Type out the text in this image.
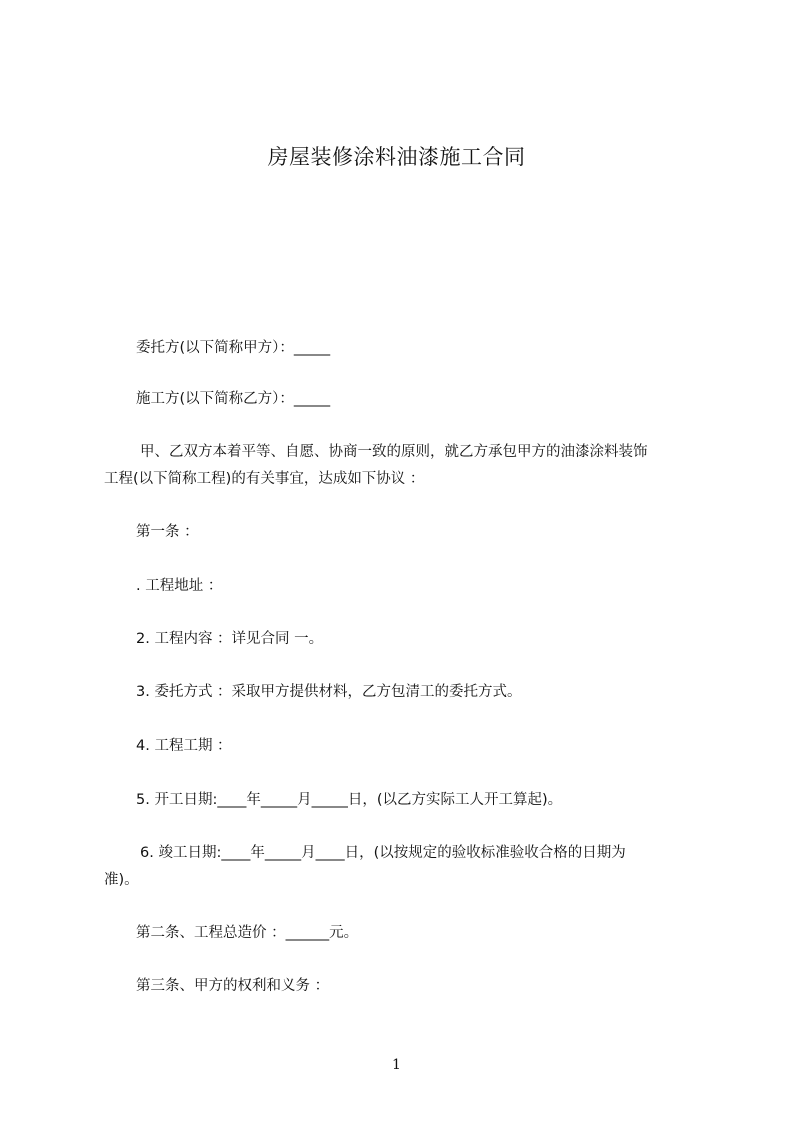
房屋装修涂料油漆施工合同
委托方(以下简称甲方）：_____
施工方(以下简称乙方）：_____
甲、乙双方本着平等、自愿、协商一致的原则，就乙方承包甲方的油漆涂料装饰
工程(以下简称工程)的有关事宜，达成如下协议 ：
第一条 ：
. 工程地址 ：
2. 工程内容 ：详见合同 一。
3. 委托方式 ：采取甲方提供材料，乙方包清工的委托方式。
4. 工程工期 ：
5. 开工日期:____年_____月_____日，(以乙方实际工人开工算起)。
6. 竣工日期:____年_____月____日，(以按规定的验收标准验收合格的日期为
准)。
第二条、工程总造价 ：______元。
第三条、甲方的权利和义务 ：
1
